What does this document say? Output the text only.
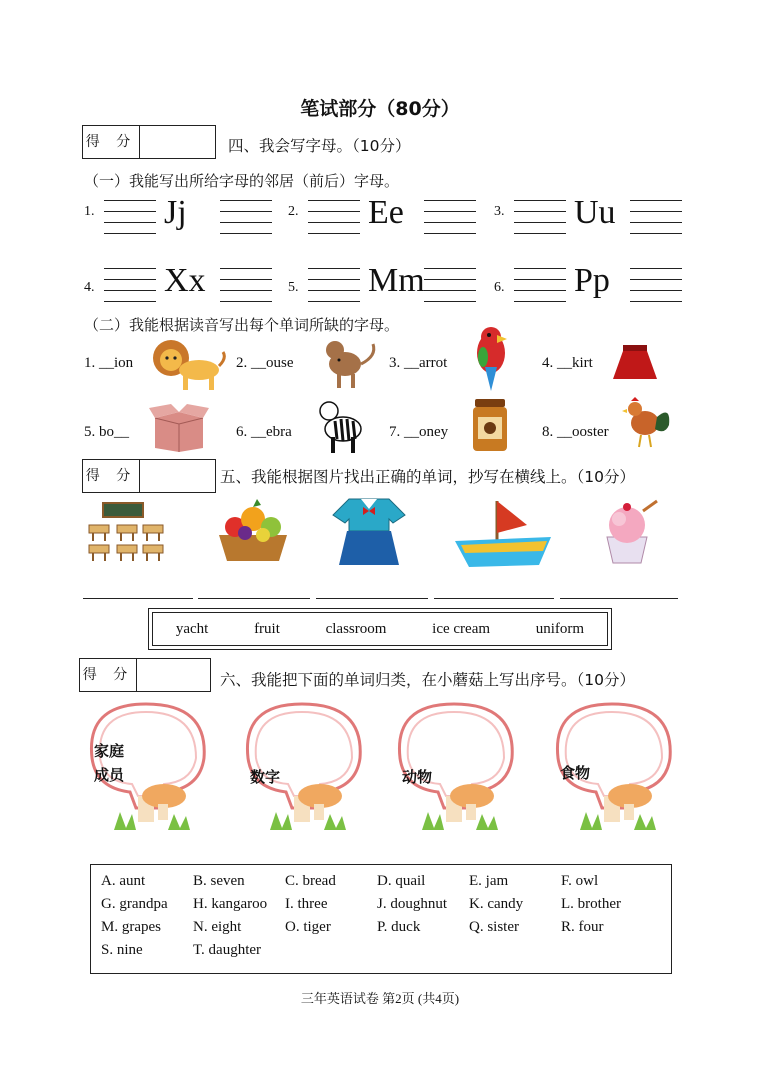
笔试部分（80分）
得 分	四、我会写字母。（10分）
（一）我能写出所给字母的邻居（前后）字母。
1. Jj	2. Ee	3. Uu
4. Xx	5. Mm	6. Pp
（二）我能根据读音写出每个单词所缺的字母。
1. __ion	2. __ouse	3. __arrot	4. __kirt
5. bo__	6. __ebra	7. __oney	8. __ooster
得 分	五、我能根据图片找出正确的单词，抄写在横线上。（10分）
yacht	fruit	classroom	ice cream	uniform
得 分	六、我能把下面的单词归类，在小蘑菇上写出序号。（10分）
家庭
成员	数字	动物	食物
A. aunt	B. seven	C. bread	D. quail	E. jam	F. owl
G. grandpa H. kangaroo I. three	J. doughnut K. candy	L. brother
M. grapes N. eight	O. tiger	P. duck	Q. sister	R. four
S. nine	T. daughter
三年英语试卷 第2页 (共4页)
